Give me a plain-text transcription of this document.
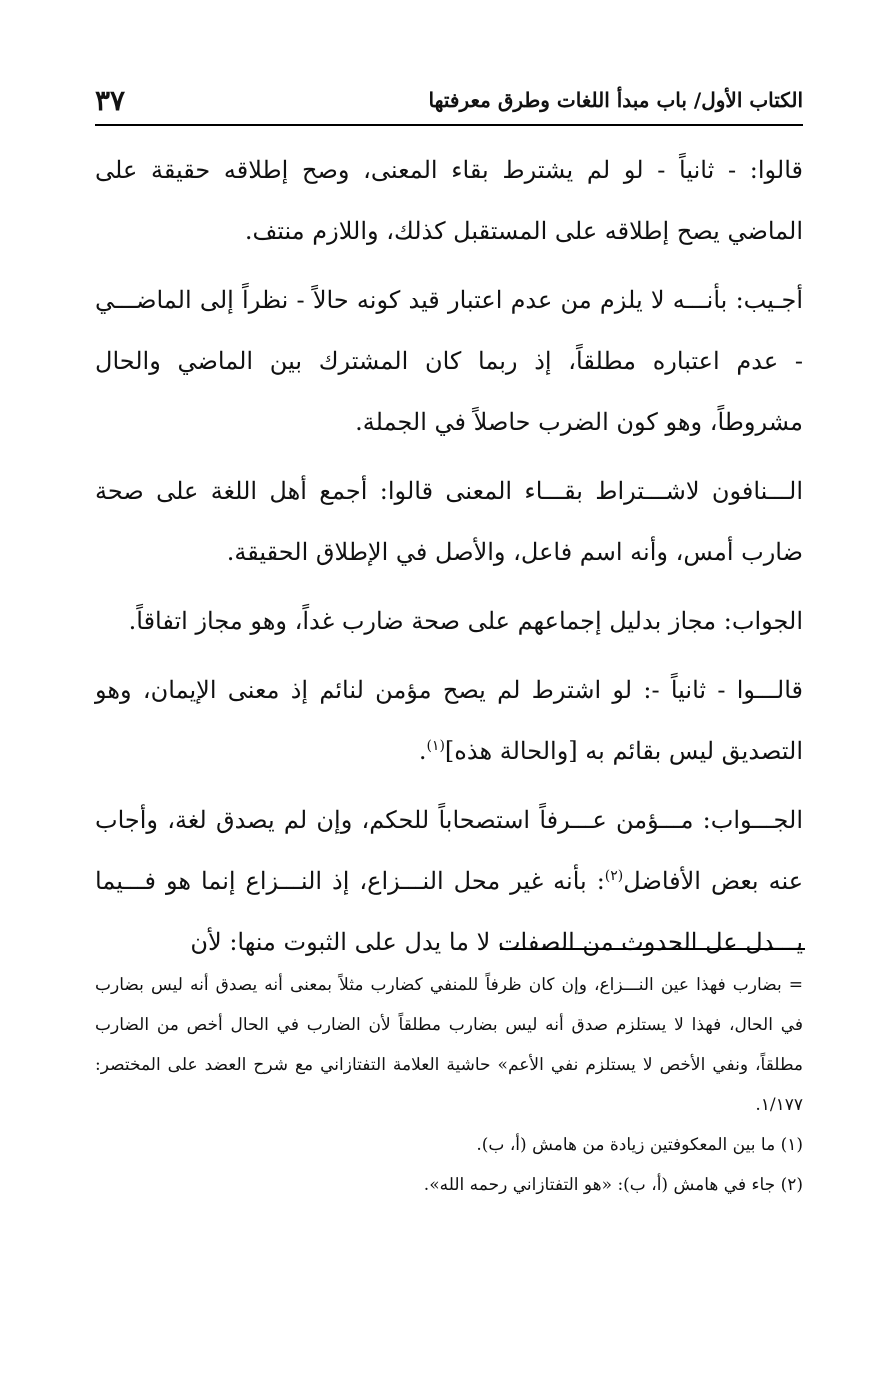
الكتاب الأول/ باب مبدأ اللغات وطرق معرفتها
٣٧

قالوا: - ثانياً - لو لم يشترط بقاء المعنى، وصح إطلاقه حقيقة على الماضي يصح إطلاقه على المستقبل كذلك، واللازم منتف.

أجـيب: بأنـــه لا يلزم من عدم اعتبار قيد كونه حالاً - نظراً إلى الماضـــي - عدم اعتباره مطلقاً، إذ ربما كان المشترك بين الماضي والحال مشروطاً، وهو كون الضرب حاصلاً في الجملة.

الـــنافون لاشـــتراط بقـــاء المعنى قالوا: أجمع أهل اللغة على صحة ضارب أمس، وأنه اسم فاعل، والأصل في الإطلاق الحقيقة.

الجواب: مجاز بدليل إجماعهم على صحة ضارب غداً، وهو مجاز اتفاقاً.

قالـــوا - ثانياً -: لو اشترط لم يصح مؤمن لنائم إذ معنى الإيمان، وهو التصديق ليس بقائم به [والحالة هذه]$^{(١)}$.

الجـــواب: مـــؤمن عـــرفاً استصحاباً للحكم، وإن لم يصدق لغة، وأجاب عنه بعض الأفاضل$^{(٢)}$: بأنه غير محل النـــزاع، إذ النـــزاع إنما هو فـــيما يـــدل عل الحدوث من الصفات لا ما يدل على الثبوت منها: لأن

= بضارب فهذا عين النـــزاع، وإن كان ظرفاً للمنفي كضارب مثلاً بمعنى أنه يصدق أنه ليس بضارب في الحال، فهذا لا يستلزم صدق أنه ليس بضارب مطلقاً لأن الضارب في الحال أخص من الضارب مطلقاً، ونفي الأخص لا يستلزم نفي الأعم» حاشية العلامة التفتازاني مع شرح العضد على المختصر: ١/١٧٧.

(١) ما بين المعكوفتين زيادة من هامش (أ، ب).

(٢) جاء في هامش (أ، ب): «هو التفتازاني رحمه الله».
